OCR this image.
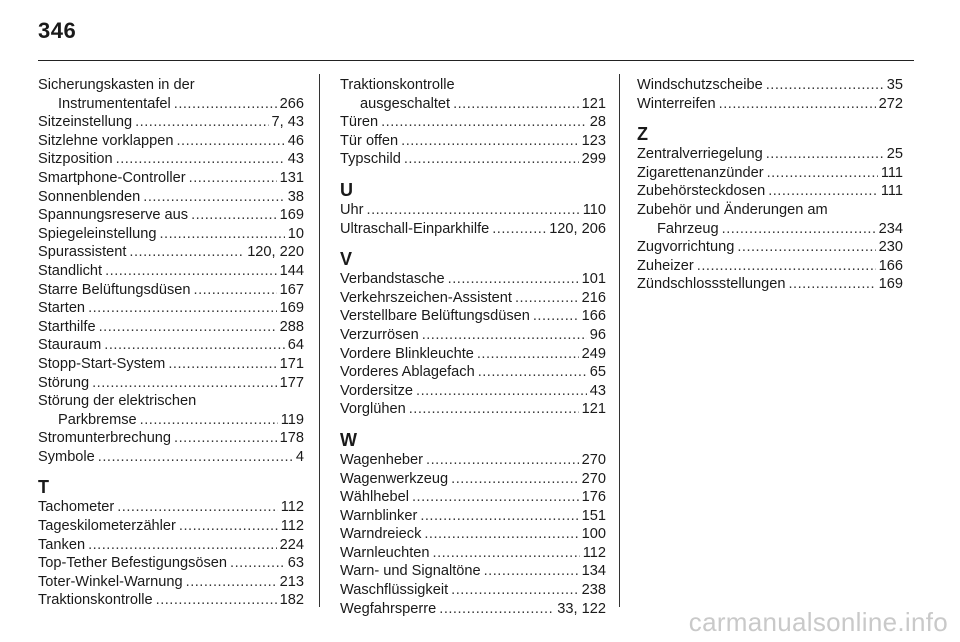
346
Sicherungskasten in der
Instrumententafel .....	266
Sitzeinstellung .....	7, 43
Sitzlehne vorklappen .....	46
Sitzposition .....	43
Smartphone-Controller .....	131
Sonnenblenden .....	38
Spannungsreserve aus .....	169
Spiegeleinstellung .....	10
Spurassistent .....	120, 220
Standlicht .....	144
Starre Belüftungsdüsen .....	167
Starten .....	169
Starthilfe .....	288
Stauraum .....	64
Stopp-Start-System .....	171
Störung .....	177
Störung der elektrischen
Parkbremse .....	119
Stromunterbrechung .....	178
Symbole .....	4
T
Tachometer .....	112
Tageskilometerzähler .....	112
Tanken .....	224
Top-Tether Befestigungsösen .....	63
Toter-Winkel-Warnung .....	213
Traktionskontrolle .....	182
Traktionskontrolle
ausgeschaltet .....	121
Türen .....	28
Tür offen .....	123
Typschild .....	299
U
Uhr .....	110
Ultraschall-Einparkhilfe .....	120, 206
V
Verbandstasche .....	101
Verkehrszeichen-Assistent .....	216
Verstellbare Belüftungsdüsen .....	166
Verzurrösen .....	96
Vordere Blinkleuchte .....	249
Vorderes Ablagefach .....	65
Vordersitze .....	43
Vorglühen .....	121
W
Wagenheber .....	270
Wagenwerkzeug .....	270
Wählhebel .....	176
Warnblinker .....	151
Warndreieck .....	100
Warnleuchten .....	112
Warn- und Signaltöne .....	134
Waschflüssigkeit .....	238
Wegfahrsperre .....	33, 122
Windschutzscheibe .....	35
Winterreifen .....	272
Z
Zentralverriegelung .....	25
Zigarettenanzünder .....	111
Zubehörsteckdosen .....	111
Zubehör und Änderungen am
Fahrzeug .....	234
Zugvorrichtung .....	230
Zuheizer .....	166
Zündschlossstellungen .....	169
carmanualsonline.info
